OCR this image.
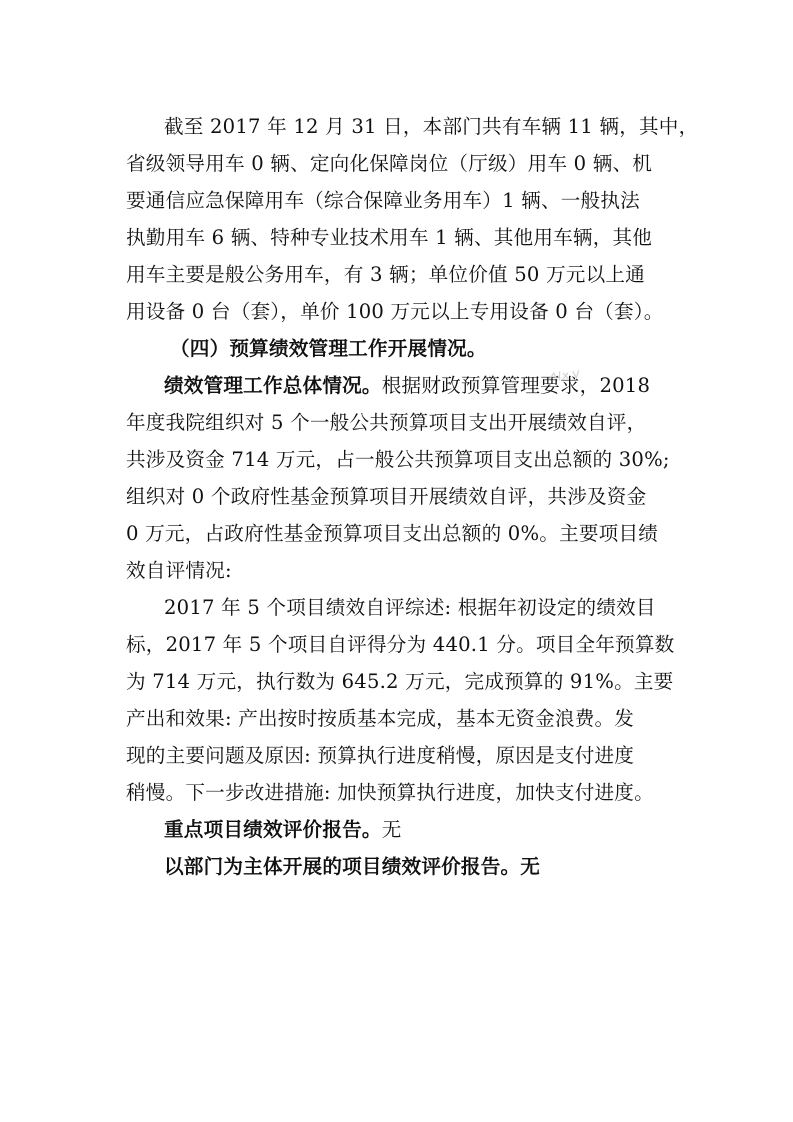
截至 2017 年 12 月 31 日，本部门共有车辆 11 辆，其中，
省级领导用车 0 辆、定向化保障岗位（厅级）用车 0 辆、机
要通信应急保障用车（综合保障业务用车）1 辆、一般执法
执勤用车 6 辆、特种专业技术用车 1 辆、其他用车辆，其他
用车主要是般公务用车，有 3 辆；单位价值 50 万元以上通
用设备 0 台（套），单价 100 万元以上专用设备 0 台（套）。
（四）预算绩效管理工作开展情况。
绩效管理工作总体情况。根据财政预算管理要求，2018
年度我院组织对 5 个一般公共预算项目支出开展绩效自评，
共涉及资金 714 万元，占一般公共预算项目支出总额的 30%;
组织对 0 个政府性基金预算项目开展绩效自评，共涉及资金
0 万元，占政府性基金预算项目支出总额的 0%。主要项目绩
效自评情况:
2017 年 5 个项目绩效自评综述: 根据年初设定的绩效目
标，2017 年 5 个项目自评得分为 440.1 分。项目全年预算数
为 714 万元，执行数为 645.2 万元，完成预算的 91%。主要
产出和效果: 产出按时按质基本完成，基本无资金浪费。发
现的主要问题及原因: 预算执行进度稍慢，原因是支付进度
稍慢。下一步改进措施: 加快预算执行进度，加快支付进度。
重点项目绩效评价报告。无
以部门为主体开展的项目绩效评价报告。无
